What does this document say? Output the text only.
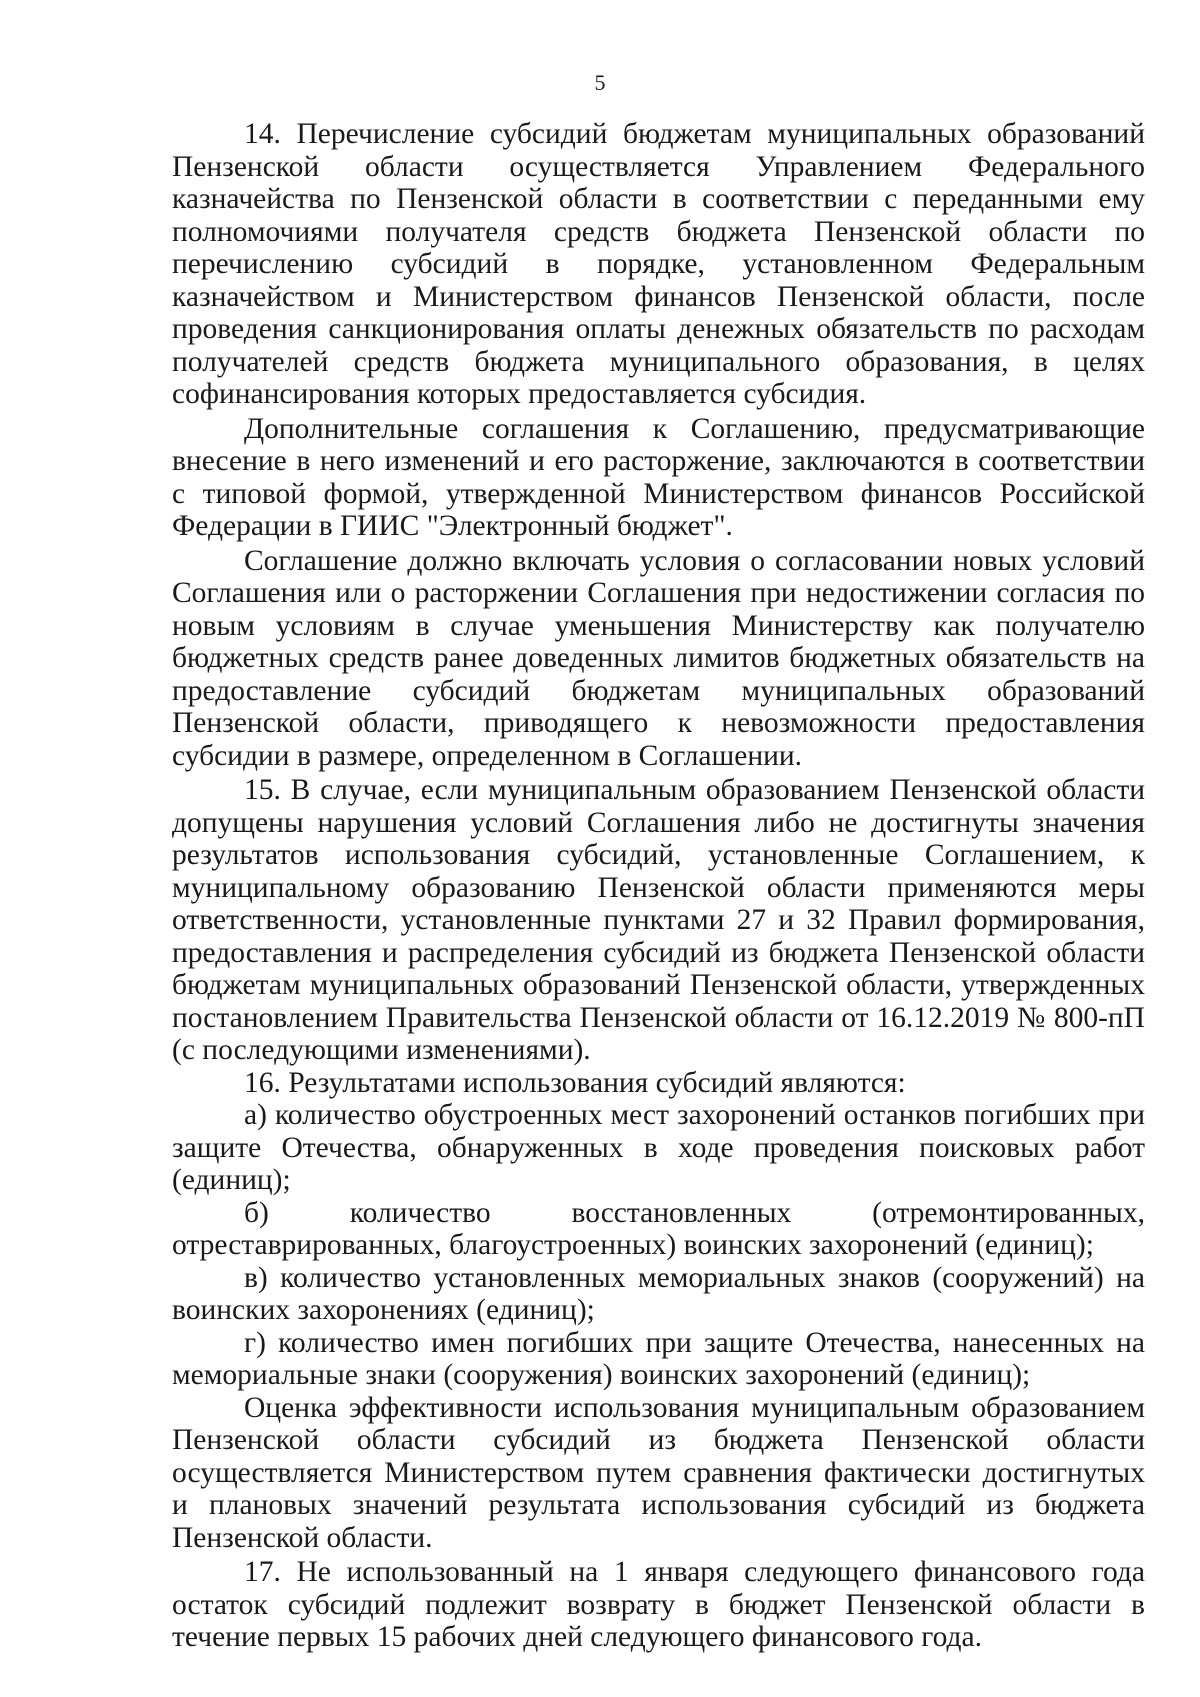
5

14. Перечисление субсидий бюджетам муниципальных образований Пензенской области осуществляется Управлением Федерального казначейства по Пензенской области в соответствии с переданными ему полномочиями получателя средств бюджета Пензенской области по перечислению субсидий в порядке, установленном Федеральным казначейством и Министерством финансов Пензенской области, после проведения санкционирования оплаты денежных обязательств по расходам получателей средств бюджета муниципального образования, в целях софинансирования которых предоставляется субсидия.

Дополнительные соглашения к Соглашению, предусматривающие внесение в него изменений и его расторжение, заключаются в соответствии с типовой формой, утвержденной Министерством финансов Российской Федерации в ГИИС "Электронный бюджет".

Соглашение должно включать условия о согласовании новых условий Соглашения или о расторжении Соглашения при недостижении согласия по новым условиям в случае уменьшения Министерству как получателю бюджетных средств ранее доведенных лимитов бюджетных обязательств на предоставление субсидий бюджетам муниципальных образований Пензенской области, приводящего к невозможности предоставления субсидии в размере, определенном в Соглашении.

15. В случае, если муниципальным образованием Пензенской области допущены нарушения условий Соглашения либо не достигнуты значения результатов использования субсидий, установленные Соглашением, к муниципальному образованию Пензенской области применяются меры ответственности, установленные пунктами 27 и 32 Правил формирования, предоставления и распределения субсидий из бюджета Пензенской области бюджетам муниципальных образований Пензенской области, утвержденных постановлением Правительства Пензенской области от 16.12.2019 № 800-пП (с последующими изменениями).

16. Результатами использования субсидий являются:

а) количество обустроенных мест захоронений останков погибших при защите Отечества, обнаруженных в ходе проведения поисковых работ (единиц);

б) количество восстановленных (отремонтированных, отреставрированных, благоустроенных) воинских захоронений (единиц);

в) количество установленных мемориальных знаков (сооружений) на воинских захоронениях (единиц);

г) количество имен погибших при защите Отечества, нанесенных на мемориальные знаки (сооружения) воинских захоронений (единиц);

Оценка эффективности использования муниципальным образованием Пензенской области субсидий из бюджета Пензенской области осуществляется Министерством путем сравнения фактически достигнутых и плановых значений результата использования субсидий из бюджета Пензенской области.

17. Не использованный на 1 января следующего финансового года остаток субсидий подлежит возврату в бюджет Пензенской области в течение первых 15 рабочих дней следующего финансового года.
